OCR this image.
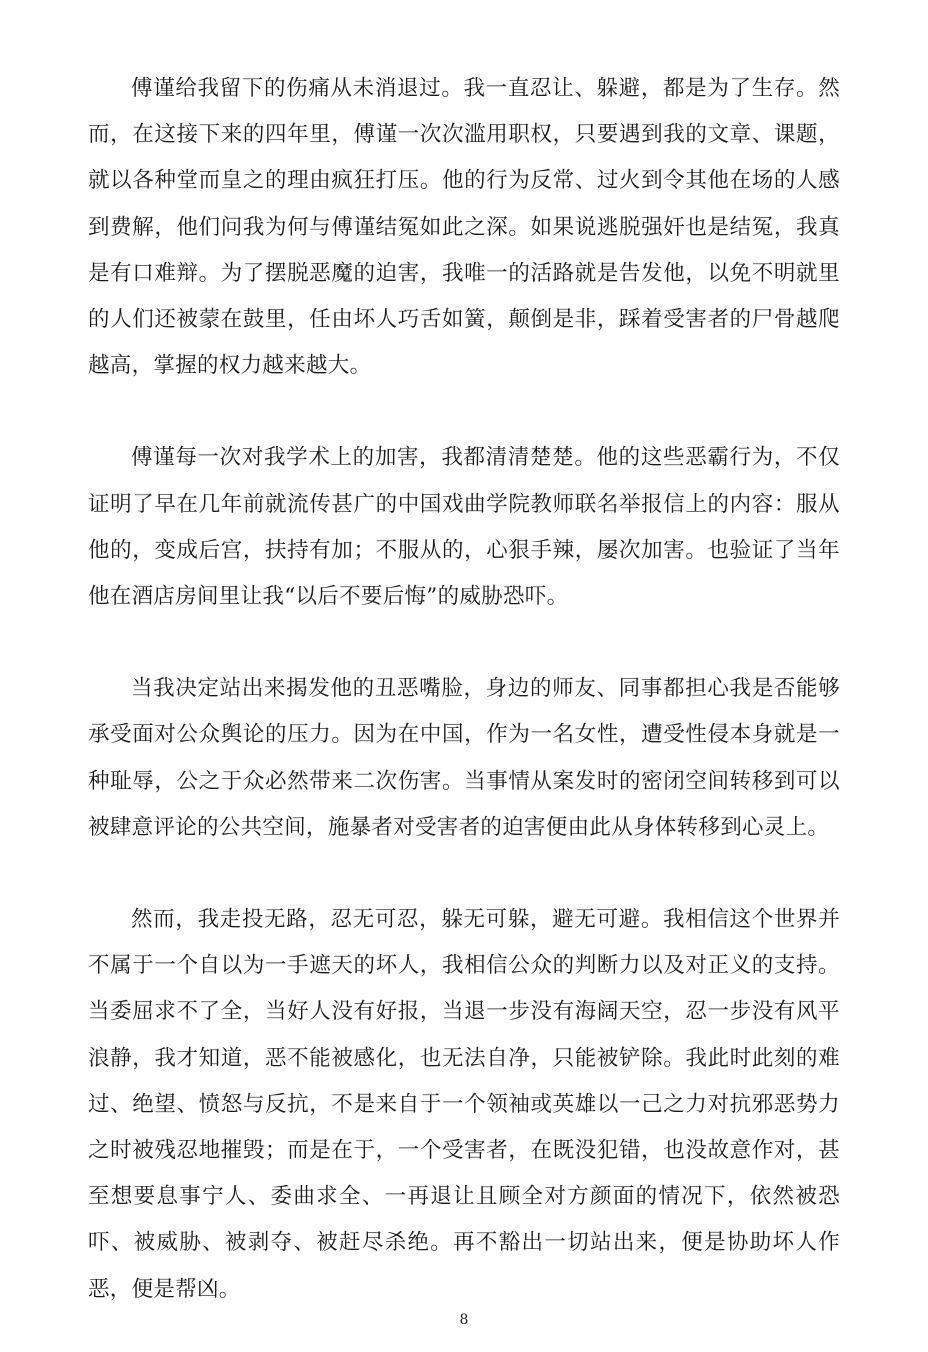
傅谨给我留下的伤痛从未消退过。我一直忍让、躲避，都是为了生存。然而，在这接下来的四年里，傅谨一次次滥用职权，只要遇到我的文章、课题，就以各种堂而皇之的理由疯狂打压。他的行为反常、过火到令其他在场的人感到费解，他们问我为何与傅谨结冤如此之深。如果说逃脱强奸也是结冤，我真是有口难辩。为了摆脱恶魔的迫害，我唯一的活路就是告发他，以免不明就里的人们还被蒙在鼓里，任由坏人巧舌如簧，颠倒是非，踩着受害者的尸骨越爬越高，掌握的权力越来越大。

傅谨每一次对我学术上的加害，我都清清楚楚。他的这些恶霸行为，不仅证明了早在几年前就流传甚广的中国戏曲学院教师联名举报信上的内容：服从他的，变成后宫，扶持有加；不服从的，心狠手辣，屡次加害。也验证了当年他在酒店房间里让我“以后不要后悔”的威胁恐吓。

当我决定站出来揭发他的丑恶嘴脸，身边的师友、同事都担心我是否能够承受面对公众舆论的压力。因为在中国，作为一名女性，遭受性侵本身就是一种耻辱，公之于众必然带来二次伤害。当事情从案发时的密闭空间转移到可以被肆意评论的公共空间，施暴者对受害者的迫害便由此从身体转移到心灵上。

然而，我走投无路，忍无可忍，躲无可躲，避无可避。我相信这个世界并不属于一个自以为一手遮天的坏人，我相信公众的判断力以及对正义的支持。当委屈求不了全，当好人没有好报，当退一步没有海阔天空，忍一步没有风平浪静，我才知道，恶不能被感化，也无法自净，只能被铲除。我此时此刻的难过、绝望、愤怒与反抗，不是来自于一个领袖或英雄以一己之力对抗邪恶势力之时被残忍地摧毁；而是在于，一个受害者，在既没犯错，也没故意作对，甚至想要息事宁人、委曲求全、一再退让且顾全对方颜面的情况下，依然被恐吓、被威胁、被剥夺、被赶尽杀绝。再不豁出一切站出来，便是协助坏人作恶，便是帮凶。

8
